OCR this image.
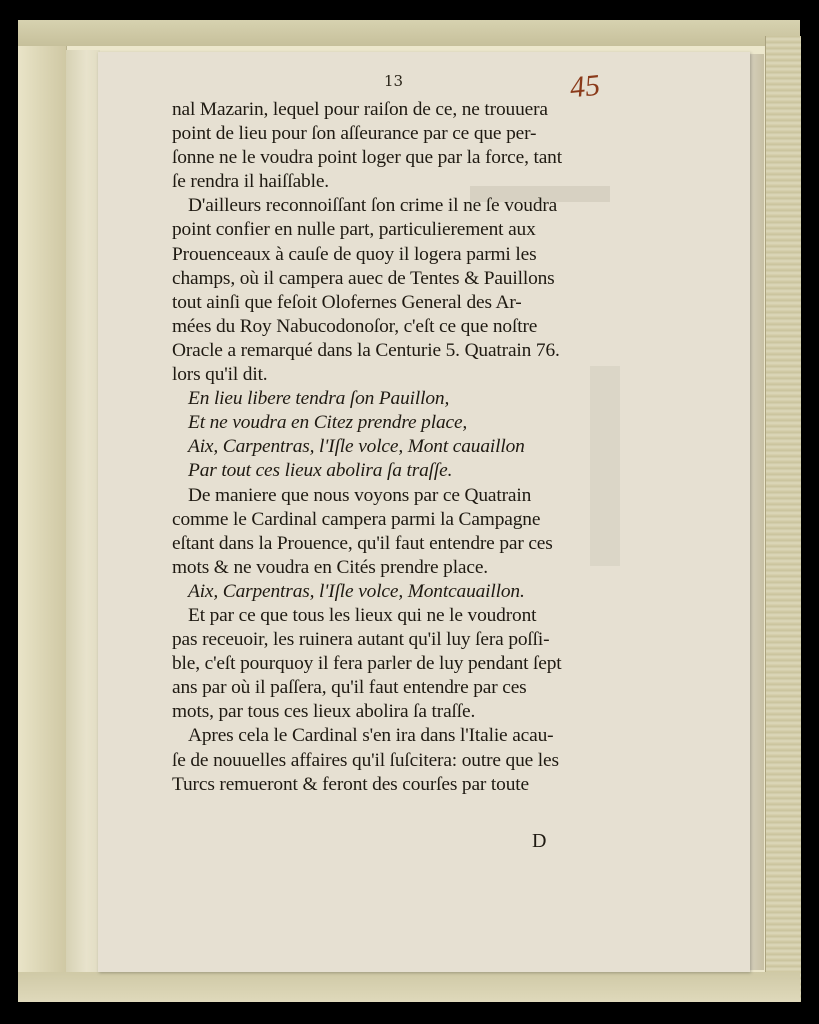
13	45
nal Mazarin, lequel pour raiſon de ce, ne trouuera
point de lieu pour ſon aſſeurance par ce que per-
ſonne ne le voudra point loger que par la force, tant
ſe rendra il haiſſable.
D'ailleurs reconnoiſſant ſon crime il ne ſe voudra
point confier en nulle part, particulierement aux
Prouenceaux à cauſe de quoy il logera parmi les
champs, où il campera auec de Tentes & Pauillons
tout ainſi que feſoit Olofernes General des Ar-
mées du Roy Nabucodonoſor, c'eſt ce que noſtre
Oracle a remarqué dans la Centurie 5. Quatrain 76.
lors qu'il dit.
En lieu libere tendra ſon Pauillon,
Et ne voudra en Citez prendre place,
Aix, Carpentras, l'Iſle volce, Mont cauaillon
Par tout ces lieux abolira ſa traſſe.
De maniere que nous voyons par ce Quatrain
comme le Cardinal campera parmi la Campagne
eſtant dans la Prouence, qu'il faut entendre par ces
mots & ne voudra en Cités prendre place.
Aix, Carpentras, l'Iſle volce, Montcauaillon.
Et par ce que tous les lieux qui ne le voudront
pas receuoir, les ruinera autant qu'il luy ſera poſſi-
ble, c'eſt pourquoy il fera parler de luy pendant ſept
ans par où il paſſera, qu'il faut entendre par ces
mots, par tous ces lieux abolira ſa traſſe.
Apres cela le Cardinal s'en ira dans l'Italie acau-
ſe de nouuelles affaires qu'il ſuſcitera: outre que les
Turcs remueront & feront des courſes par toute
D
